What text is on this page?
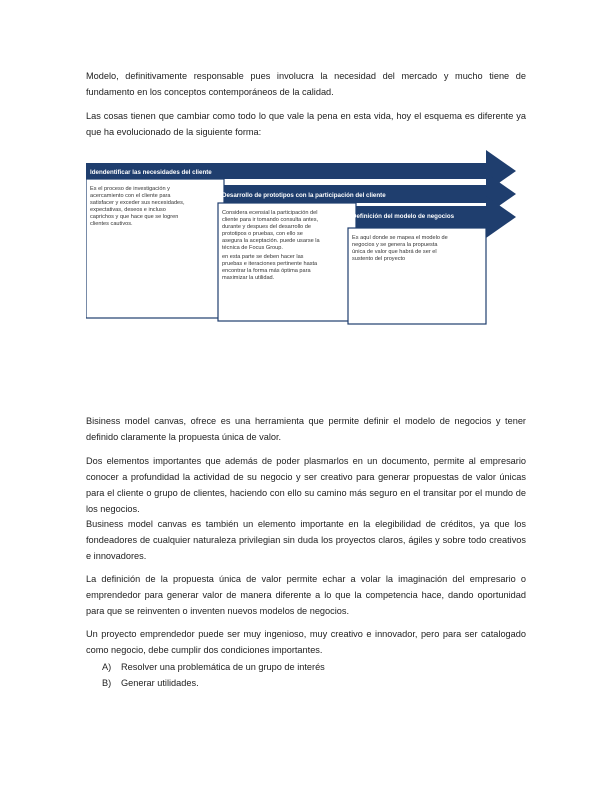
Modelo, definitivamente responsable pues involucra la necesidad del mercado y mucho tiene de fundamento en los conceptos contemporáneos de la calidad.

Las cosas tienen que cambiar como todo lo que vale la pena en esta vida, hoy el esquema es diferente ya que ha evolucionado de la siguiente forma:

Idendentificar las necesidades del cliente
Desarrollo de prototipos con la participación del cliente
Definición del modelo de negocios
Es el proceso de investigación y
acercamiento con el cliente para
satisfacer y exceder sus necesidades,
expectativas, deseos e incluso
caprichos y que hace que se logren
clientes cautivos.
Considera ecensial la participación del
cliente para ir tomando consulta antes,
durante y despues del desarrollo de
prototipos o pruebas, con ello se
asegura la aceptación. puede usarse la
técnica de Focus Group.
en esta parte se deben hacer las
pruebas e iteraciones pertinente hasta
encontrar la forma más óptima para
maximizar la utilidad.
Es aquí donde se mapea el modelo de
negocios y se genera la propuesta
única de valor que habrá de ser el
sustento del proyecto

Bisiness model canvas, ofrece es una herramienta que permite definir el modelo de negocios y tener definido claramente la propuesta única de valor.

Dos elementos importantes que además de poder plasmarlos en un documento, permite al empresario conocer a profundidad la actividad de su negocio y ser creativo para generar propuestas de valor únicas para el cliente o grupo de clientes, haciendo con ello su camino más seguro en el transitar por el mundo de los negocios.

Business model canvas es también un elemento importante en la elegibilidad de créditos, ya que los fondeadores de cualquier naturaleza privilegian sin duda los proyectos claros, ágiles y sobre todo creativos e innovadores.

La definición de la propuesta única de valor permite echar a volar la imaginación del empresario o emprendedor para generar valor de manera diferente a lo que la competencia hace, dando oportunidad para que se reinventen o inventen nuevos modelos de negocios.

Un proyecto emprendedor puede ser muy ingenioso, muy creativo e innovador, pero para ser catalogado como negocio, debe cumplir dos condiciones importantes.

A)	Resolver una problemática de un grupo de interés
B)	Generar utilidades.
